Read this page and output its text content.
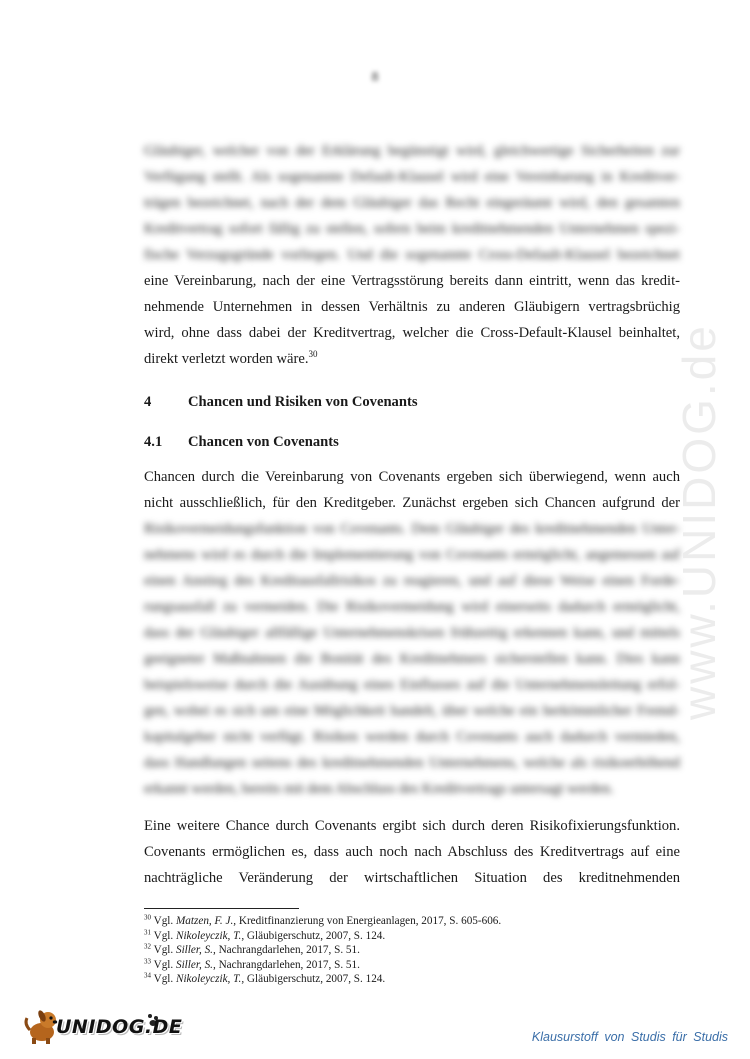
8
Gläubiger, welcher von der Erklärung begünstigt wird, gleichwertige Sicherheiten zur
Verfügung stellt. Als sogenannte Default-Klausel wird eine Vereinbarung in Kreditver-
trägen bezeichnet, nach der dem Gläubiger das Recht eingeräumt wird, den gesamten
Kreditvertrag sofort fällig zu stellen, sofern beim kreditnehmenden Unternehmen spezi-
fische Verzugsgründe vorliegen. Und die sogenannte Cross-Default-Klausel bezeichnet
eine Vereinbarung, nach der eine Vertragsstörung bereits dann eintritt, wenn das kredit-
nehmende Unternehmen in dessen Verhältnis zu anderen Gläubigern vertragsbrüchig
wird, ohne dass dabei der Kreditvertrag, welcher die Cross-Default-Klausel beinhaltet,
direkt verletzt worden wäre.$^{30}$
4	Chancen und Risiken von Covenants
4.1 Chancen von Covenants
Chancen durch die Vereinbarung von Covenants ergeben sich überwiegend, wenn auch
nicht ausschließlich, für den Kreditgeber. Zunächst ergeben sich Chancen aufgrund der
Risikovermeidungsfunktion von Covenants. Dem Gläubiger des kreditnehmenden Unter-
nehmens wird es durch die Implementierung von Covenants ermöglicht, angemessen auf
einen Anstieg des Kreditausfallrisikos zu reagieren, und auf diese Weise einen Forde-
rungsausfall zu vermeiden. Die Risikovermeidung wird einerseits dadurch ermöglicht,
dass der Gläubiger allfällige Unternehmenskrisen frühzeitig erkennen kann, und mittels
geeigneter Maßnahmen die Bonität des Kreditnehmers sicherstellen kann. Dies kann
beispielsweise durch die Ausübung eines Einflusses auf die Unternehmensleitung erfol-
gen, wobei es sich um eine Möglichkeit handelt, über welche ein herkömmlicher Fremd-
kapitalgeber nicht verfügt. Risiken werden durch Covenants auch dadurch vermieden,
dass Handlungen seitens des kreditnehmenden Unternehmens, welche als risikoerhöhend
erkannt werden, bereits mit dem Abschluss des Kreditvertrags untersagt werden.
Eine weitere Chance durch Covenants ergibt sich durch deren Risikofixierungsfunktion.
Covenants ermöglichen es, dass auch noch nach Abschluss des Kreditvertrags auf eine
nachträgliche Veränderung der wirtschaftlichen Situation des kreditnehmenden
$^{30}$ Vgl. Matzen, F. J., Kreditfinanzierung von Energieanlagen, 2017, S. 605-606.
$^{31}$ Vgl. Nikoleyczik, T., Gläubigerschutz, 2007, S. 124.
$^{32}$ Vgl. Siller, S., Nachrangdarlehen, 2017, S. 51.
$^{33}$ Vgl. Siller, S., Nachrangdarlehen, 2017, S. 51.
$^{34}$ Vgl. Nikoleyczik, T., Gläubigerschutz, 2007, S. 124.
www.UNIDOG.de
UNIDOG.DE	Klausurstoff von Studis für Studis
